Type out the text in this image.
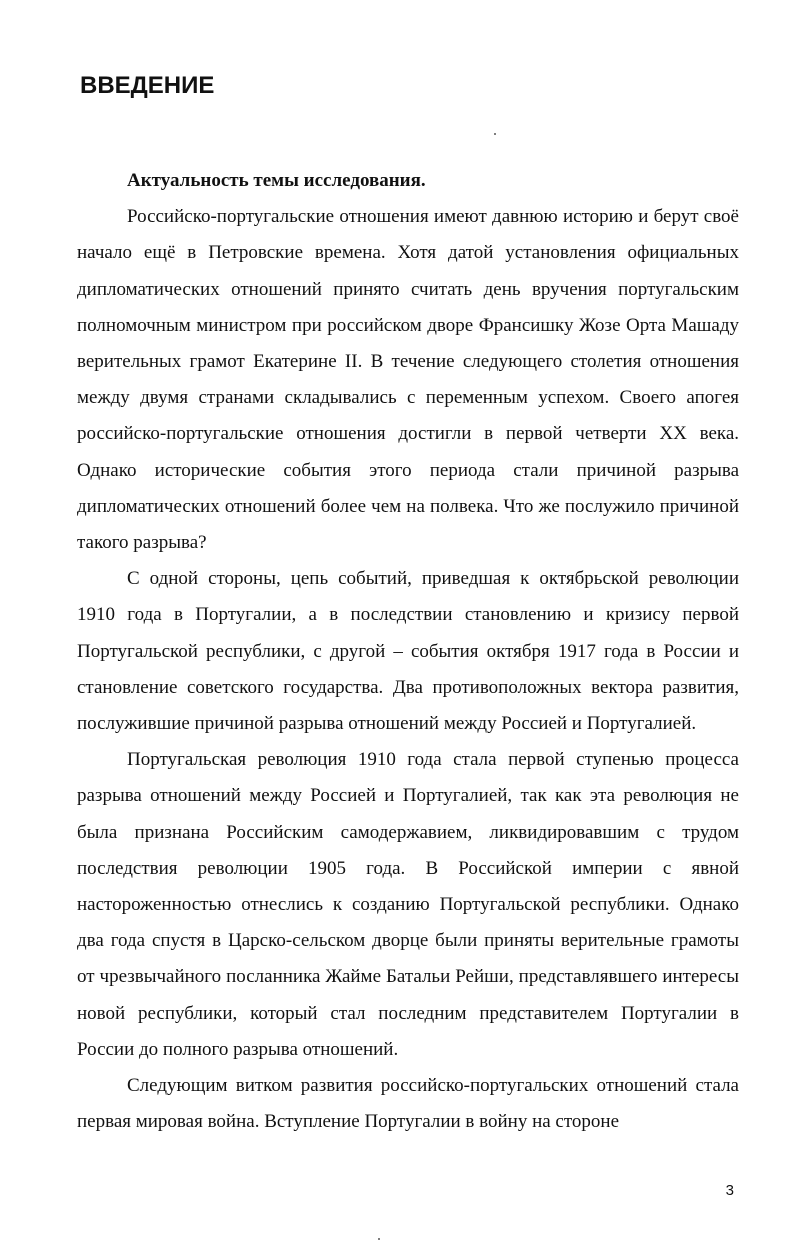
ВВЕДЕНИЕ

Актуальность темы исследования.

Российско-португальские отношения имеют давнюю историю и берут своё начало ещё в Петровские времена. Хотя датой установления официальных дипломатических отношений принято считать день вручения португальским полномочным министром при российском дворе Франсишку Жозе Орта Машаду верительных грамот Екатерине II. В течение следующего столетия отношения между двумя странами складывались с переменным успехом. Своего апогея российско-португальские отношения достигли в первой четверти XX века. Однако исторические события этого периода стали причиной разрыва дипломатических отношений более чем на полвека. Что же послужило причиной такого разрыва?

С одной стороны, цепь событий, приведшая к октябрьской революции 1910 года в Португалии, а в последствии становлению и кризису первой Португальской республики, с другой – события октября 1917 года в России и становление советского государства. Два противоположных вектора развития, послужившие причиной разрыва отношений между Россией и Португалией.

Португальская революция 1910 года стала первой ступенью процесса разрыва отношений между Россией и Португалией, так как эта революция не была признана Российским самодержавием, ликвидировавшим с трудом последствия революции 1905 года. В Российской империи с явной настороженностью отнеслись к созданию Португальской республики. Однако два года спустя в Царско-сельском дворце были приняты верительные грамоты от чрезвычайного посланника Жайме Батальи Рейши, представлявшего интересы новой республики, который стал последним представителем Португалии в России до полного разрыва отношений.

Следующим витком развития российско-португальских отношений стала первая мировая война. Вступление Португалии в войну на стороне

3
